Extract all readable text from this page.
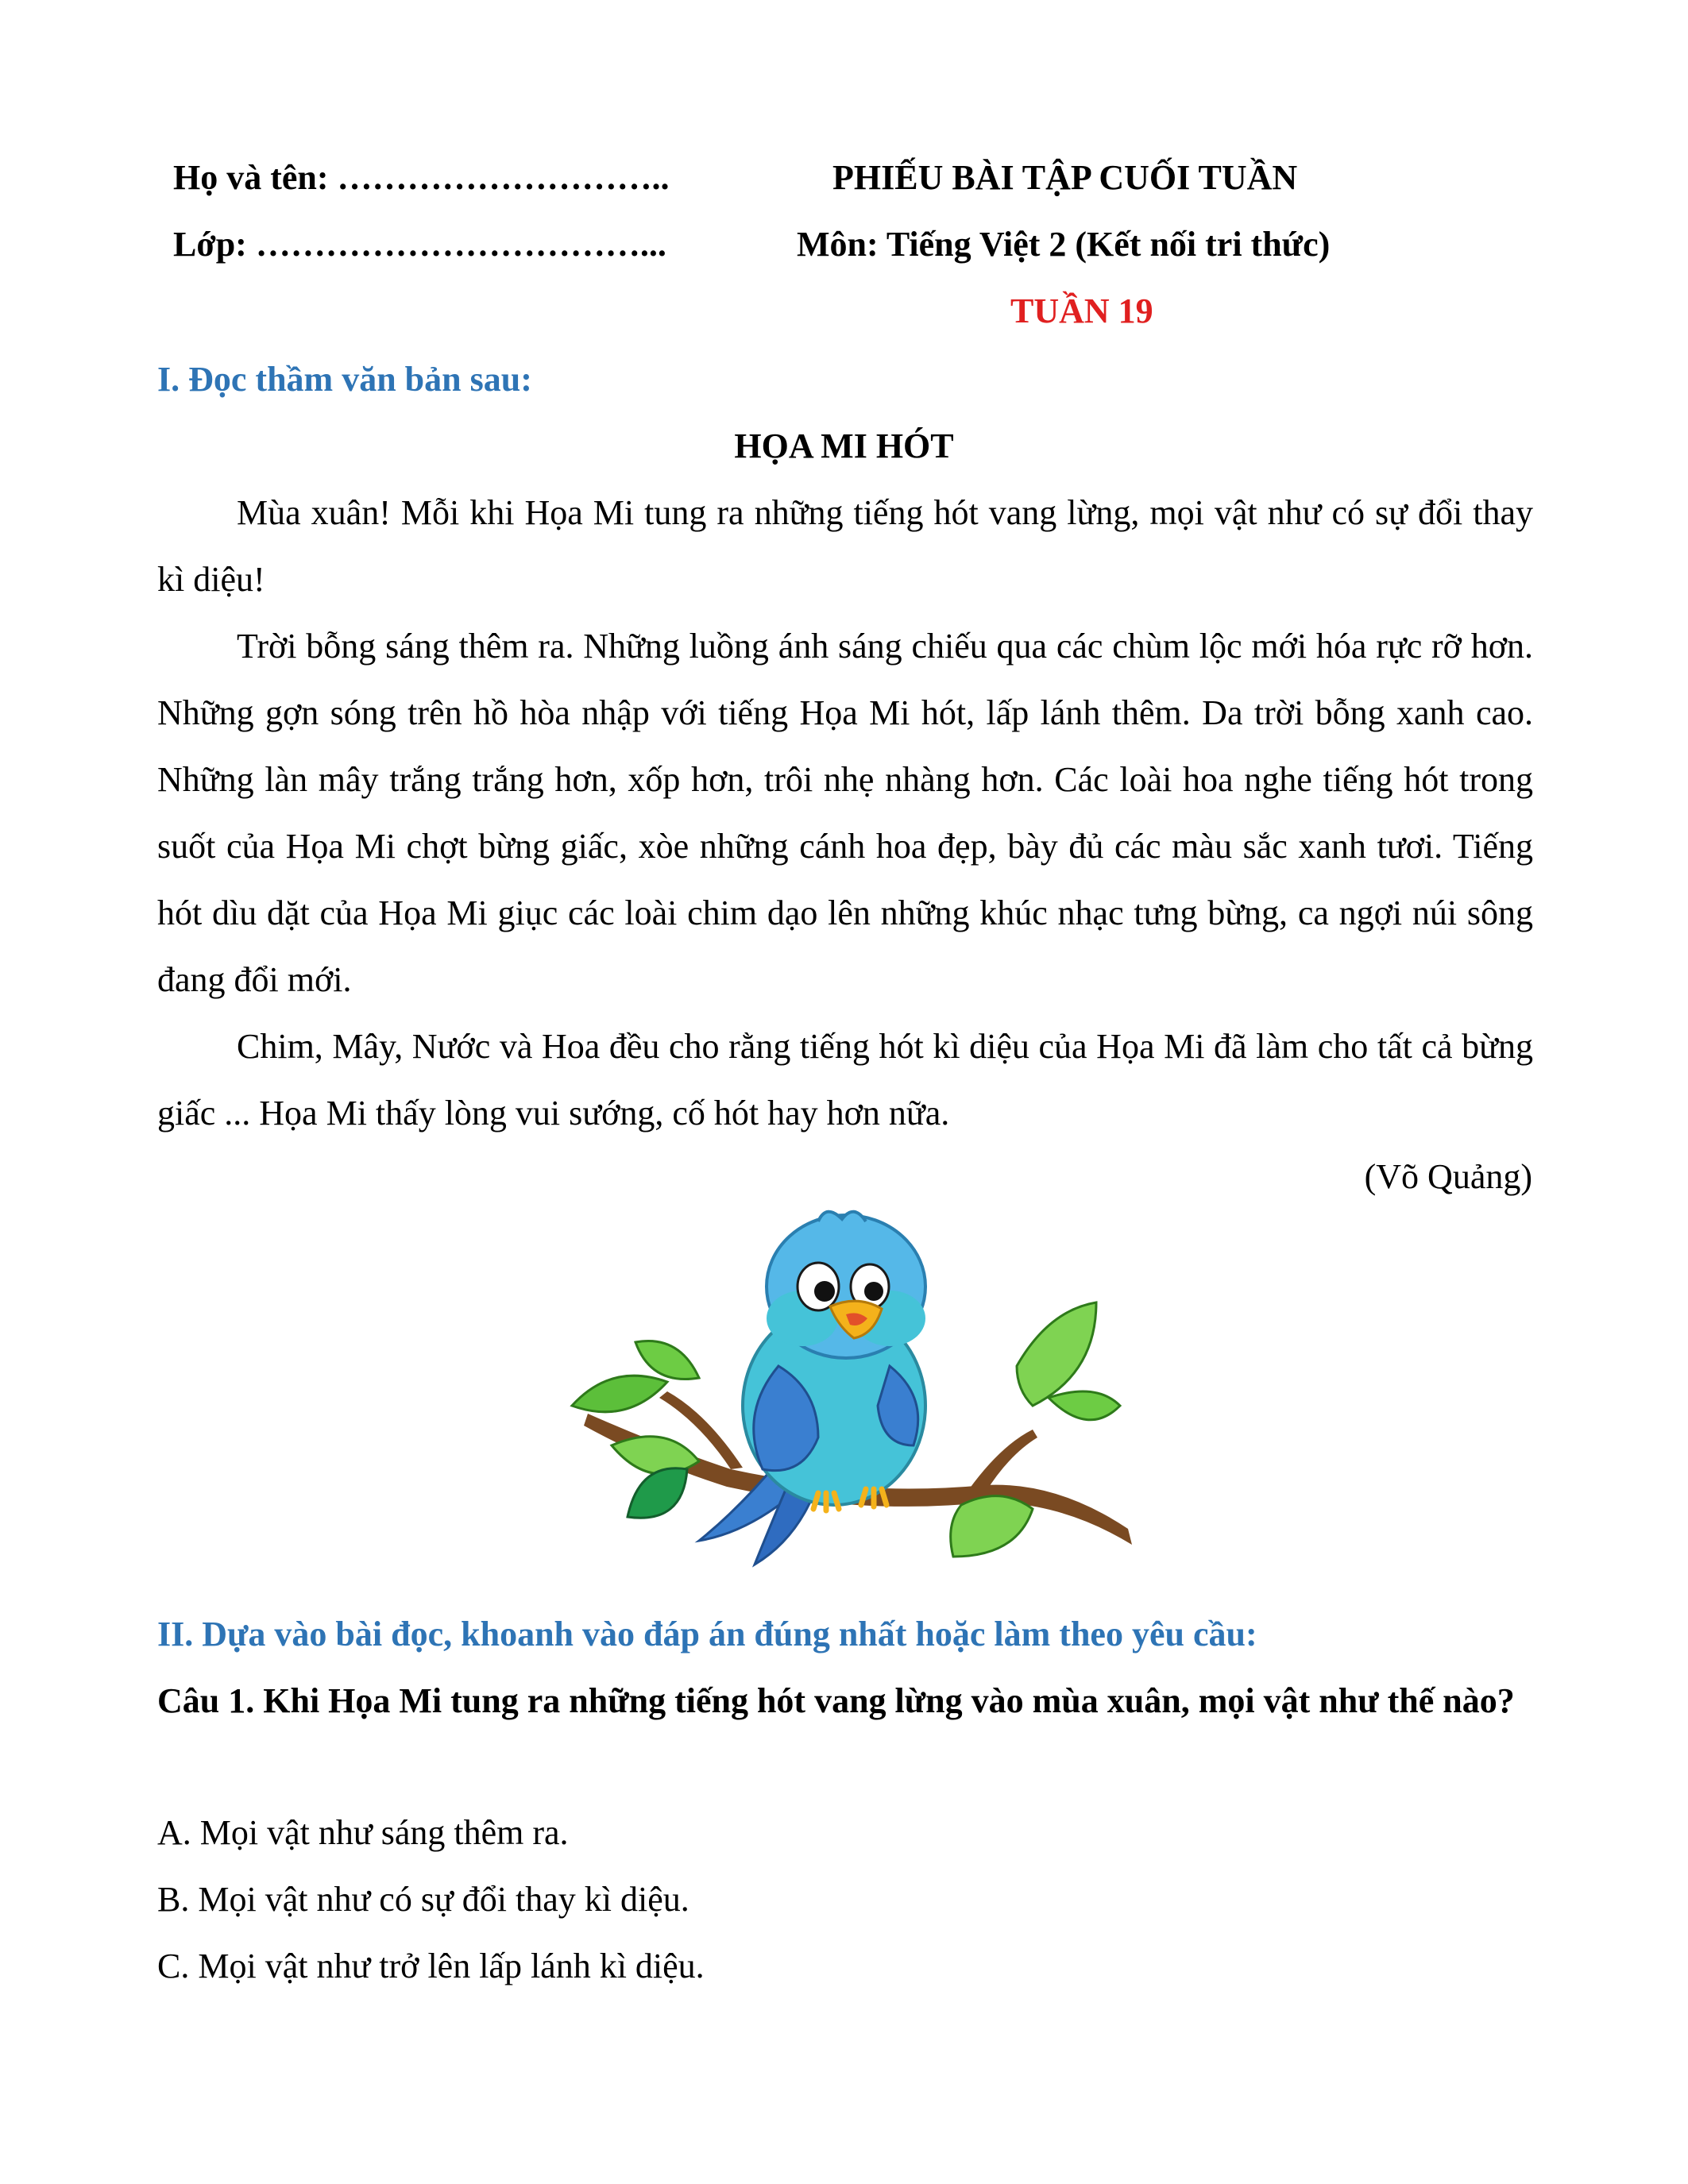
Họ và tên: ………………………..
Lớp: ……………………………...
PHIẾU BÀI TẬP CUỐI TUẦN
Môn: Tiếng Việt 2 (Kết nối tri thức)
TUẦN 19
I. Đọc thầm văn bản sau:
HỌA MI HÓT

Mùa xuân! Mỗi khi Họa Mi tung ra những tiếng hót vang lừng, mọi vật như có sự đổi thay kì diệu!

Trời bỗng sáng thêm ra. Những luồng ánh sáng chiếu qua các chùm lộc mới hóa rực rỡ hơn. Những gợn sóng trên hồ hòa nhập với tiếng Họa Mi hót, lấp lánh thêm. Da trời bỗng xanh cao. Những làn mây trắng trắng hơn, xốp hơn, trôi nhẹ nhàng hơn. Các loài hoa nghe tiếng hót trong suốt của Họa Mi chợt bừng giấc, xòe những cánh hoa đẹp, bày đủ các màu sắc xanh tươi. Tiếng hót dìu dặt của Họa Mi giục các loài chim dạo lên những khúc nhạc tưng bừng, ca ngợi núi sông đang đổi mới.

Chim, Mây, Nước và Hoa đều cho rằng tiếng hót kì diệu của Họa Mi đã làm cho tất cả bừng giấc ... Họa Mi thấy lòng vui sướng, cố hót hay hơn nữa.

(Võ Quảng)
II. Dựa vào bài đọc, khoanh vào đáp án đúng nhất hoặc làm theo yêu cầu:

Câu 1. Khi Họa Mi tung ra những tiếng hót vang lừng vào mùa xuân, mọi vật như thế nào?

A. Mọi vật như sáng thêm ra.
B. Mọi vật như có sự đổi thay kì diệu.
C. Mọi vật như trở lên lấp lánh kì diệu.
